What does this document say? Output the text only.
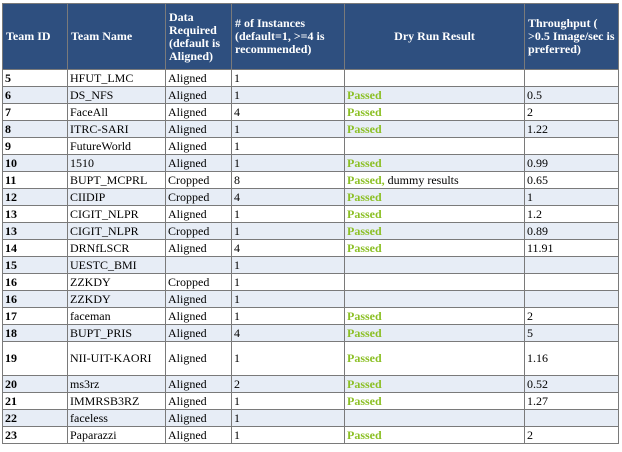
Team ID	Team Name	Data Required (default is Aligned)	# of Instances (default=1, >=4 is recommended)	Dry Run Result	Throughput ( >0.5 Image/sec is preferred)
5	HFUT_LMC	Aligned	1		
6	DS_NFS	Aligned	1	Passed	0.5
7	FaceAll	Aligned	4	Passed	2
8	ITRC-SARI	Aligned	1	Passed	1.22
9	FutureWorld	Aligned	1		
10	1510	Aligned	1	Passed	0.99
11	BUPT_MCPRL	Cropped	8	Passed, dummy results	0.65
12	CIIDIP	Cropped	4	Passed	1
13	CIGIT_NLPR	Aligned	1	Passed	1.2
13	CIGIT_NLPR	Cropped	1	Passed	0.89
14	DRNfLSCR	Aligned	4	Passed	11.91
15	UESTC_BMI		1		
16	ZZKDY	Cropped	1		
16	ZZKDY	Aligned	1		
17	faceman	Aligned	1	Passed	2
18	BUPT_PRIS	Aligned	4	Passed	5
19	NII-UIT-KAORI	Aligned	1	Passed	1.16
20	ms3rz	Aligned	2	Passed	0.52
21	IMMRSB3RZ	Aligned	1	Passed	1.27
22	faceless	Aligned	1		
23	Paparazzi	Aligned	1	Passed	2
